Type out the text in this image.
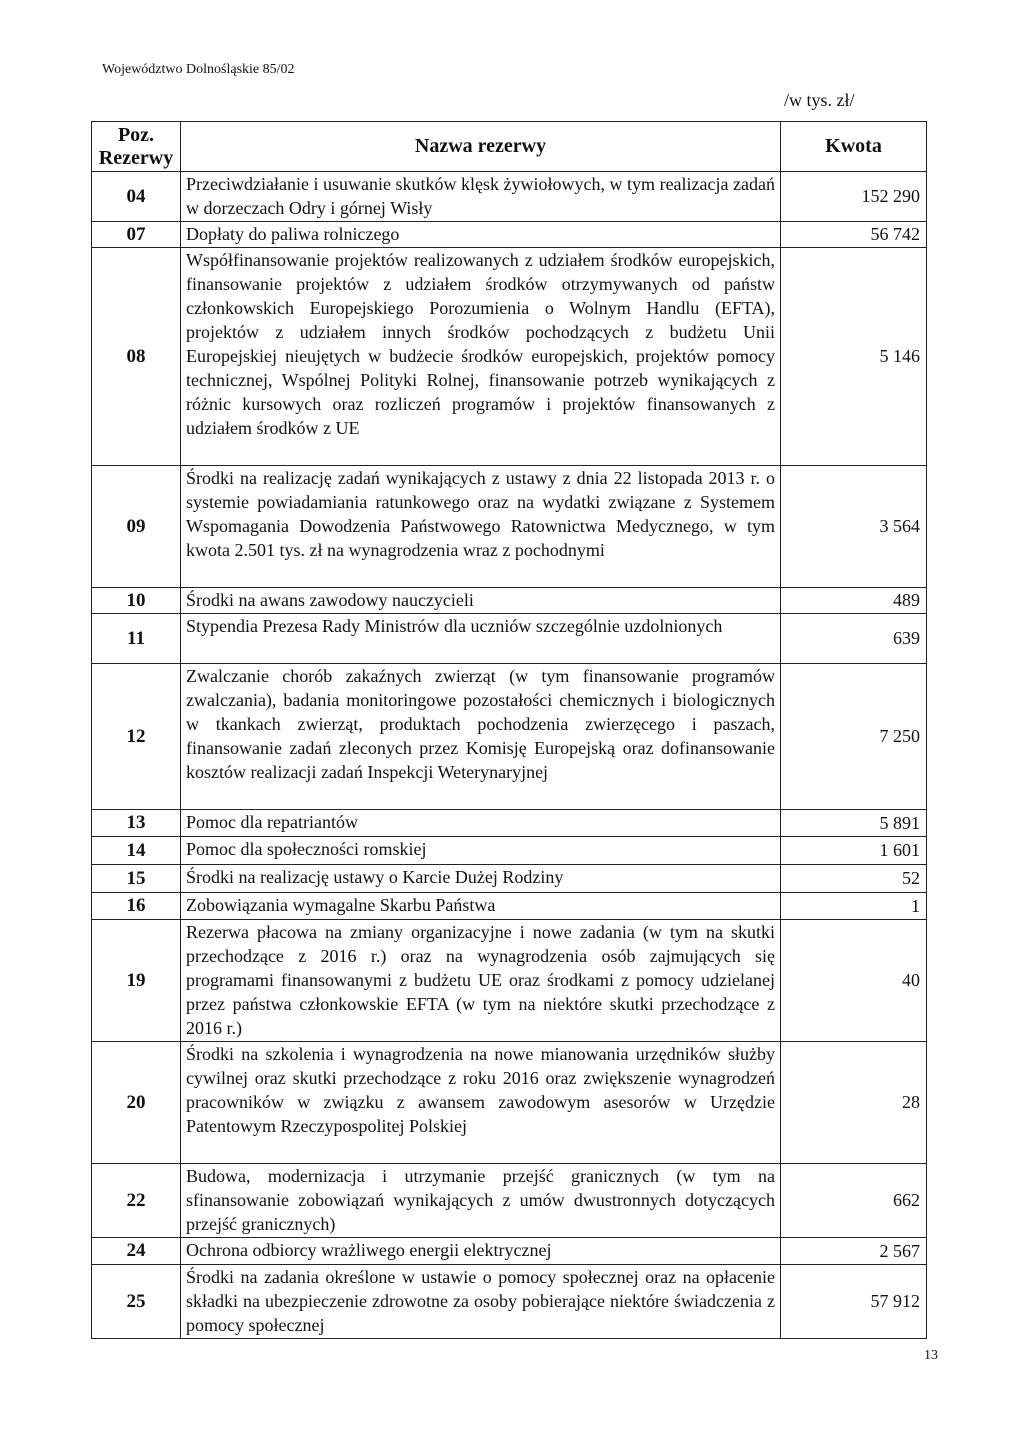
Województwo Dolnośląskie 85/02
/w tys. zł/
Poz. Rezerwy	Nazwa rezerwy	Kwota
04	Przeciwdziałanie i usuwanie skutków klęsk żywiołowych, w tym realizacja zadań w dorzeczach Odry i górnej Wisły	152 290
07	Dopłaty do paliwa rolniczego	56 742
08	Współfinansowanie projektów realizowanych z udziałem środków europejskich, finansowanie projektów z udziałem środków otrzymywanych od państw członkowskich Europejskiego Porozumienia o Wolnym Handlu (EFTA), projektów z udziałem innych środków pochodzących z budżetu Unii Europejskiej nieujętych w budżecie środków europejskich, projektów pomocy technicznej, Wspólnej Polityki Rolnej, finansowanie potrzeb wynikających z różnic kursowych oraz rozliczeń programów i projektów finansowanych z udziałem środków z UE	5 146
09	Środki na realizację zadań wynikających z ustawy z dnia 22 listopada 2013 r. o systemie powiadamiania ratunkowego oraz na wydatki związane z Systemem Wspomagania Dowodzenia Państwowego Ratownictwa Medycznego, w tym kwota 2.501 tys. zł na wynagrodzenia wraz z pochodnymi	3 564
10	Środki na awans zawodowy nauczycieli	489
11	Stypendia Prezesa Rady Ministrów dla uczniów szczególnie uzdolnionych	639
12	Zwalczanie chorób zakaźnych zwierząt (w tym finansowanie programów zwalczania), badania monitoringowe pozostałości chemicznych i biologicznych w tkankach zwierząt, produktach pochodzenia zwierzęcego i paszach, finansowanie zadań zleconych przez Komisję Europejską oraz dofinansowanie kosztów realizacji zadań Inspekcji Weterynaryjnej	7 250
13	Pomoc dla repatriantów	5 891
14	Pomoc dla społeczności romskiej	1 601
15	Środki na realizację ustawy o Karcie Dużej Rodziny	52
16	Zobowiązania wymagalne Skarbu Państwa	1
19	Rezerwa płacowa na zmiany organizacyjne i nowe zadania (w tym na skutki przechodzące z 2016 r.) oraz na wynagrodzenia osób zajmujących się programami finansowanymi z budżetu UE oraz środkami z pomocy udzielanej przez państwa członkowskie EFTA (w tym na niektóre skutki przechodzące z 2016 r.)	40
20	Środki na szkolenia i wynagrodzenia na nowe mianowania urzędników służby cywilnej oraz skutki przechodzące z roku 2016 oraz zwiększenie wynagrodzeń pracowników w związku z awansem zawodowym asesorów w Urzędzie Patentowym Rzeczypospolitej Polskiej	28
22	Budowa, modernizacja i utrzymanie przejść granicznych (w tym na sfinansowanie zobowiązań wynikających z umów dwustronnych dotyczących przejść granicznych)	662
24	Ochrona odbiorcy wrażliwego energii elektrycznej	2 567
25	Środki na zadania określone w ustawie o pomocy społecznej oraz na opłacenie składki na ubezpieczenie zdrowotne za osoby pobierające niektóre świadczenia z pomocy społecznej	57 912
13
